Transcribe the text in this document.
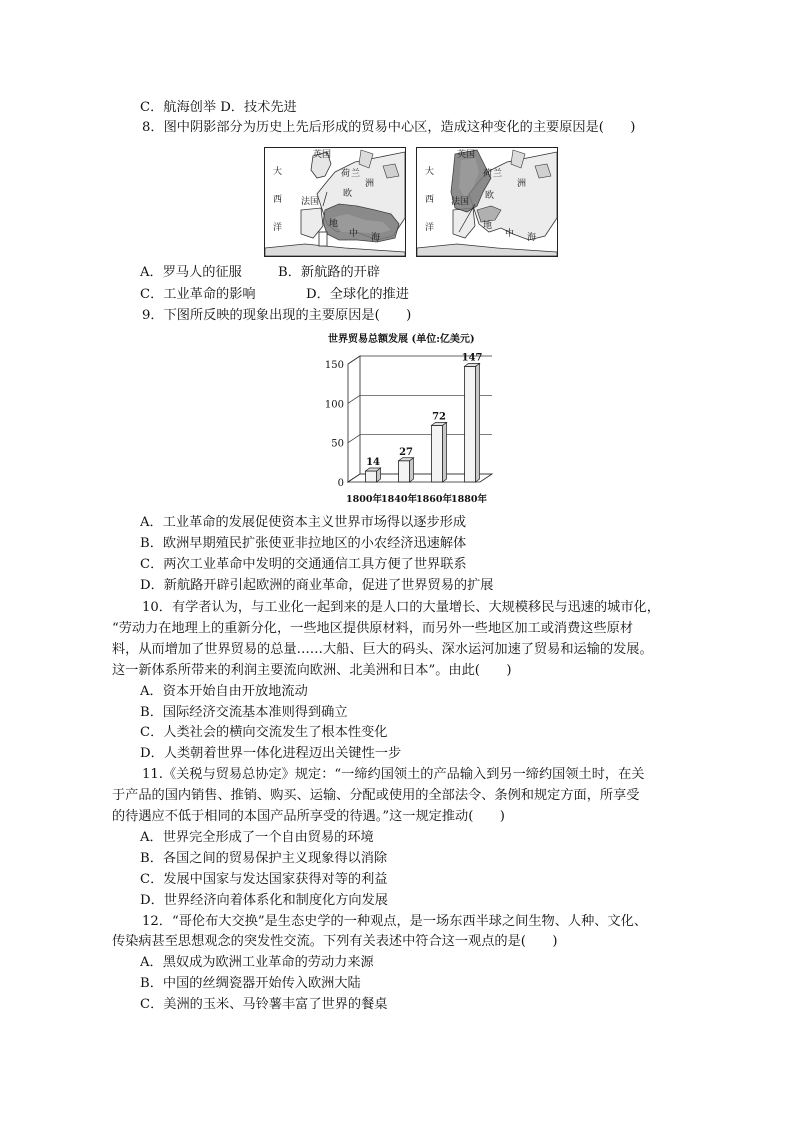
C．航海创举 D．技术先进
8．图中阴影部分为历史上先后形成的贸易中心区，造成这种变化的主要原因是(　　)
英国
荷 兰
欧
洲
法国
大
西
洋	地
中 海
英国
荷 兰
欧
洲
法国
大
西
洋	地
中 海
A．罗马人的征服	B．新航路的开辟
C．工业革命的影响	D．全球化的推进
9．下图所反映的现象出现的主要原因是(　　)
世界贸易总额发展 (单位:亿美元)
150
100
50
0
14
1800年
27
1840年
72
1860年
147
1880年
A．工业革命的发展促使资本主义世界市场得以逐步形成
B．欧洲早期殖民扩张使亚非拉地区的小农经济迅速解体
C．两次工业革命中发明的交通通信工具方便了世界联系
D．新航路开辟引起欧洲的商业革命，促进了世界贸易的扩展
10．有学者认为，与工业化一起到来的是人口的大量增长、大规模移民与迅速的城市化，
“劳动力在地理上的重新分化，一些地区提供原材料，而另外一些地区加工或消费这些原材
料，从而增加了世界贸易的总量……大船、巨大的码头、深水运河加速了贸易和运输的发展。
这一新体系所带来的利润主要流向欧洲、北美洲和日本”。由此(　　)
A．资本开始自由开放地流动
B．国际经济交流基本准则得到确立
C．人类社会的横向交流发生了根本性变化
D．人类朝着世界一体化进程迈出关键性一步
11.《关税与贸易总协定》规定：“一缔约国领土的产品输入到另一缔约国领土时，在关
于产品的国内销售、推销、购买、运输、分配或使用的全部法令、条例和规定方面，所享受
的待遇应不低于相同的本国产品所享受的待遇。”这一规定推动(　　)
A．世界完全形成了一个自由贸易的环境
B．各国之间的贸易保护主义现象得以消除
C．发展中国家与发达国家获得对等的利益
D．世界经济向着体系化和制度化方向发展
12．“哥伦布大交换”是生态史学的一种观点，是一场东西半球之间生物、人种、文化、
传染病甚至思想观念的突发性交流。下列有关表述中符合这一观点的是(　　)
A．黑奴成为欧洲工业革命的劳动力来源
B．中国的丝绸瓷器开始传入欧洲大陆
C．美洲的玉米、马铃薯丰富了世界的餐桌
